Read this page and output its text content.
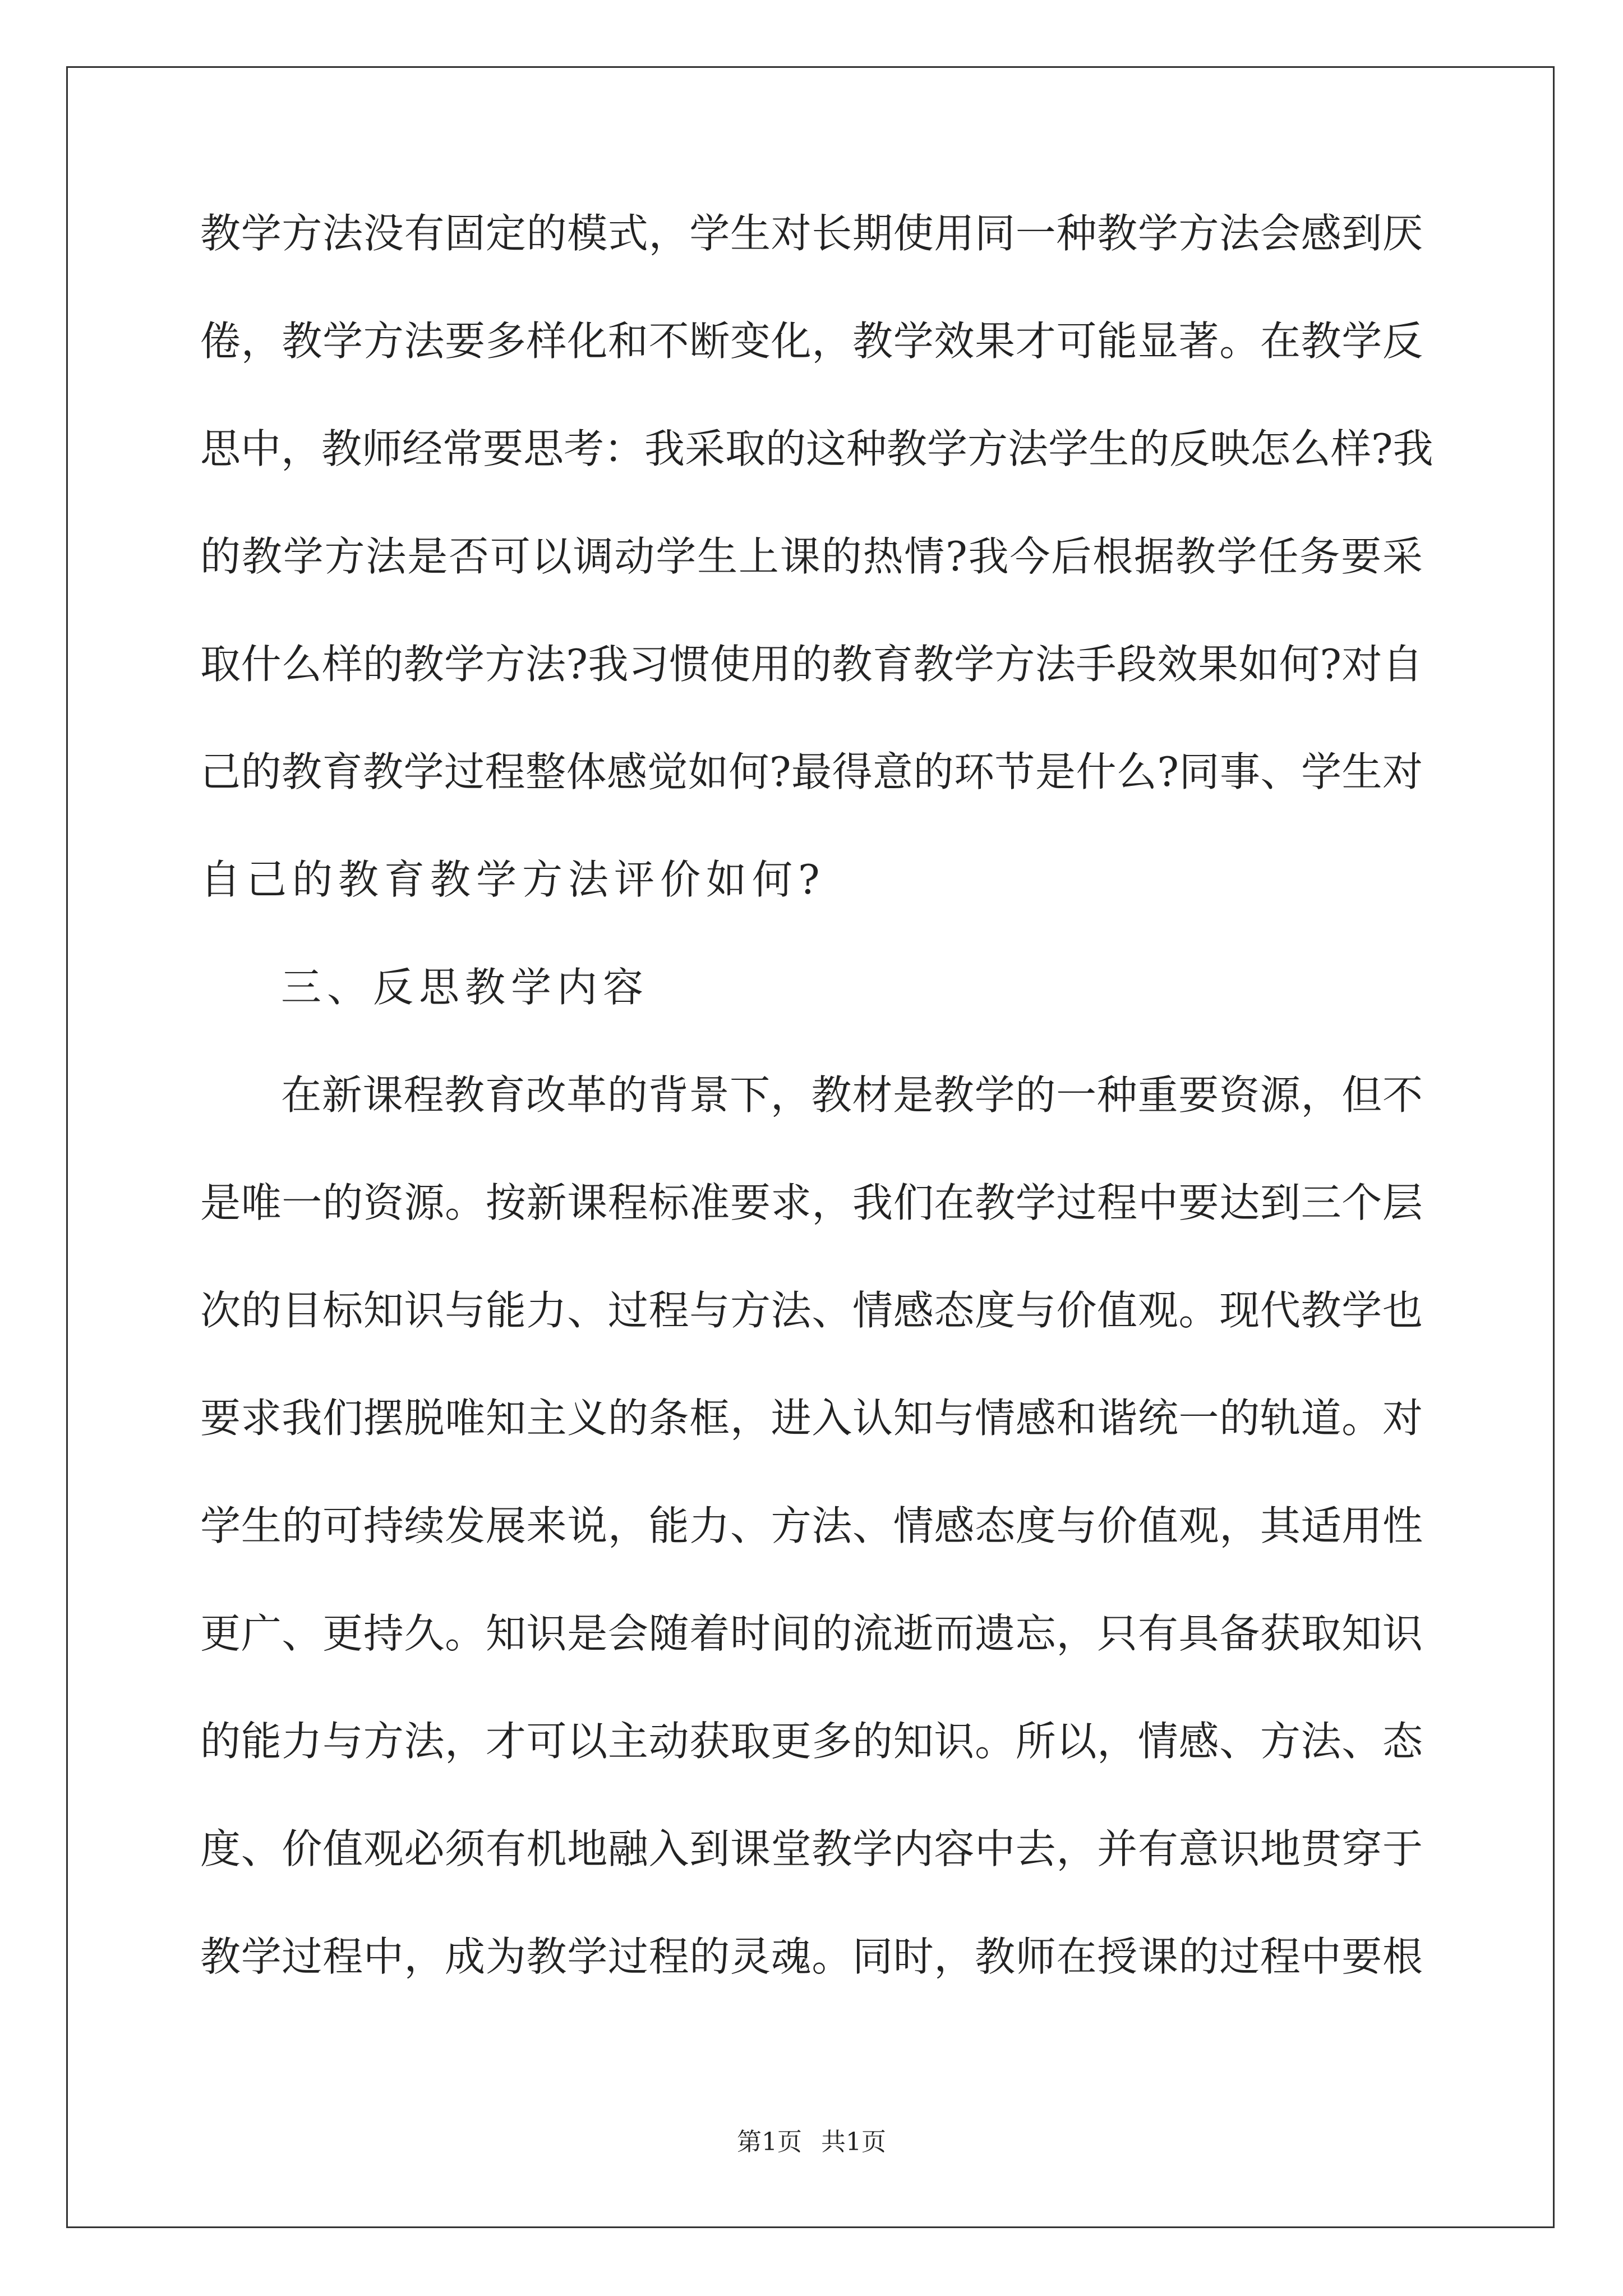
教学方法没有固定的模式，学生对长期使用同一种教学方法会感到厌
倦，教学方法要多样化和不断变化，教学效果才可能显著。在教学反
思中，教师经常要思考：我采取的这种教学方法学生的反映怎么样?我
的教学方法是否可以调动学生上课的热情?我今后根据教学任务要采
取什么样的教学方法?我习惯使用的教育教学方法手段效果如何?对自
己的教育教学过程整体感觉如何?最得意的环节是什么?同事、学生对
自己的教育教学方法评价如何?
三、反思教学内容
在新课程教育改革的背景下，教材是教学的一种重要资源，但不
是唯一的资源。按新课程标准要求，我们在教学过程中要达到三个层
次的目标知识与能力、过程与方法、情感态度与价值观。现代教学也
要求我们摆脱唯知主义的条框，进入认知与情感和谐统一的轨道。对
学生的可持续发展来说，能力、方法、情感态度与价值观，其适用性
更广、更持久。知识是会随着时间的流逝而遗忘，只有具备获取知识
的能力与方法，才可以主动获取更多的知识。所以，情感、方法、态
度、价值观必须有机地融入到课堂教学内容中去，并有意识地贯穿于
教学过程中，成为教学过程的灵魂。同时，教师在授课的过程中要根
第1页 共1页
